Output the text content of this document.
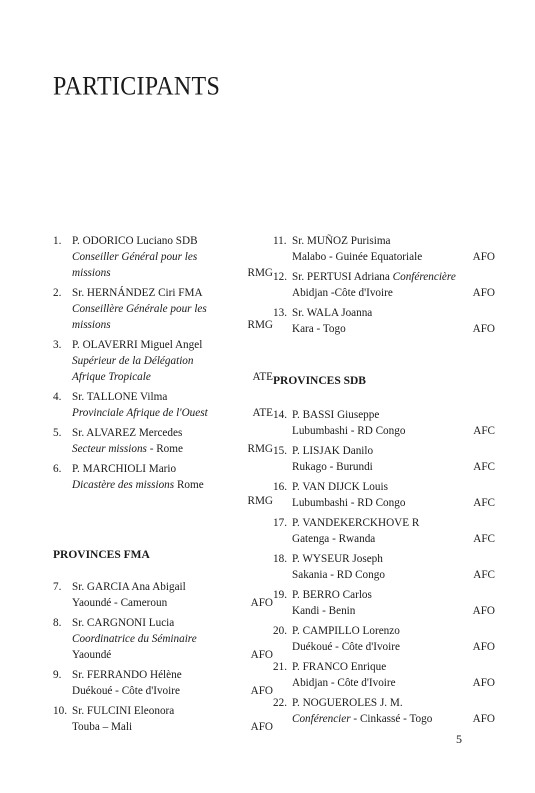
PARTICIPANTS
1. P. ODORICO Luciano SDB
Conseiller Général pour les
missions	RMG
2. Sr. HERNÁNDEZ Ciri FMA
Conseillère Générale pour les
missions	RMG
3. P. OLAVERRI Miguel Angel
Supérieur de la Délégation
Afrique Tropicale	ATE
4. Sr. TALLONE Vilma
Provinciale Afrique de l'Ouest	ATE
5. Sr. ALVAREZ Mercedes
Secteur missions - Rome	RMG
6. P. MARCHIOLI Mario
Dicastère des missions Rome
RMG

PROVINCES FMA

7. Sr. GARCIA Ana Abigail
Yaoundé - Cameroun	AFO
8. Sr. CARGNONI Lucia
Coordinatrice du Séminaire
Yaoundé	AFO
9. Sr. FERRANDO Hélène
Duékoué - Côte d'Ivoire	AFO
10. Sr. FULCINI Eleonora
Touba – Mali	AFO
11. Sr. MUÑOZ Purisima
Malabo - Guinée Equatoriale	AFO
12. Sr. PERTUSI Adriana Conférencière
Abidjan -Côte d'Ivoire	AFO
13. Sr. WALA Joanna
Kara - Togo	AFO

PROVINCES SDB

14. P. BASSI Giuseppe
Lubumbashi - RD Congo	AFC
15. P. LISJAK Danilo
Rukago - Burundi	AFC
16. P. VAN DIJCK Louis
Lubumbashi - RD Congo	AFC
17. P. VANDEKERCKHOVE R
Gatenga - Rwanda	AFC
18. P. WYSEUR Joseph
Sakania - RD Congo	AFC
19. P. BERRO Carlos
Kandi - Benin	AFO
20. P. CAMPILLO Lorenzo
Duékoué - Côte d'Ivoire	AFO
21. P. FRANCO Enrique
Abidjan - Côte d'Ivoire	AFO
22. P. NOGUEROLES J. M.
Conférencier - Cinkassé - Togo	AFO
5
